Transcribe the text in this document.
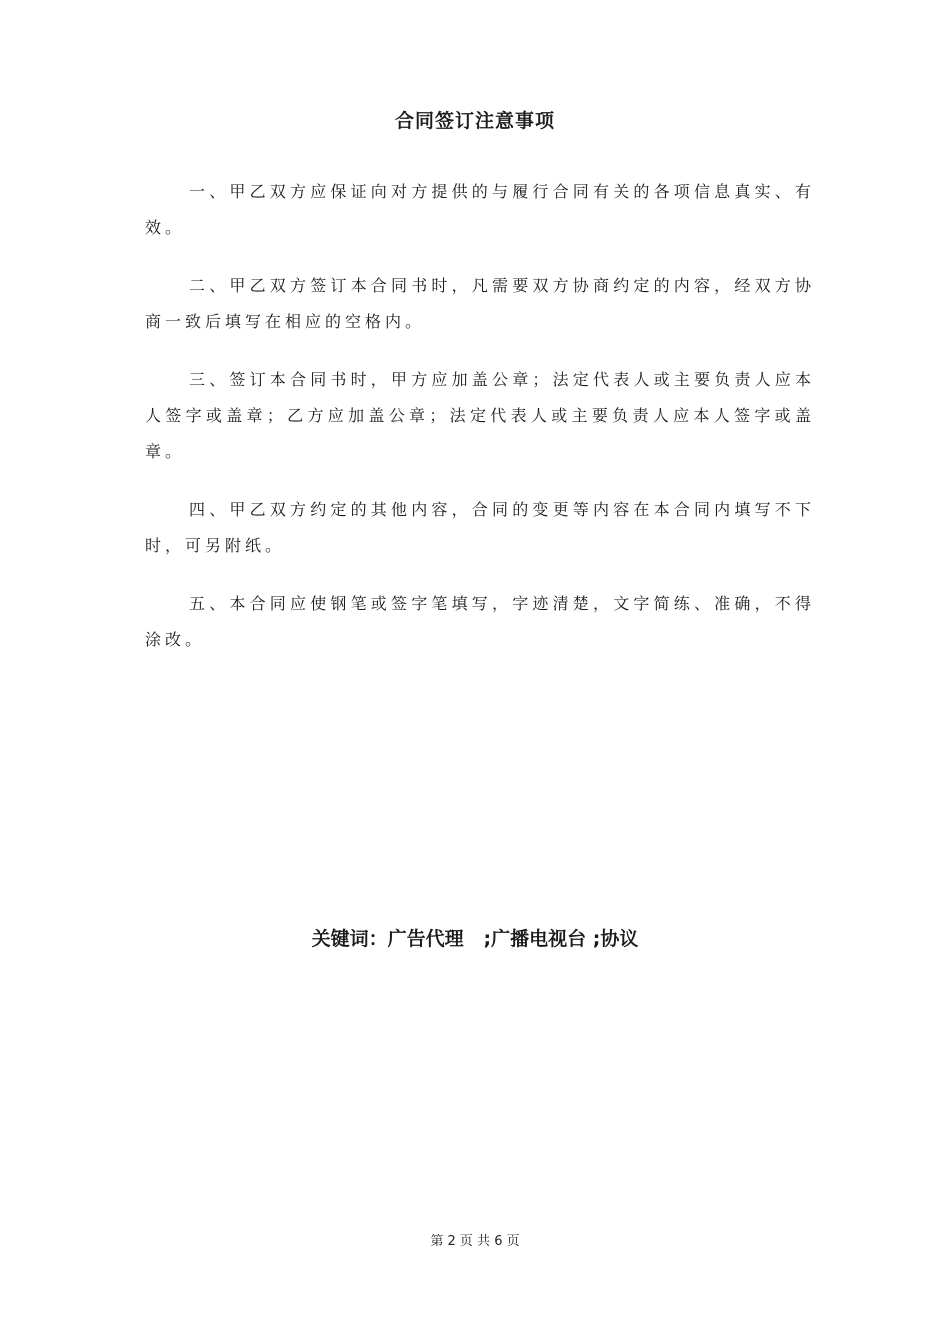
合同签订注意事项

一、甲乙双方应保证向对方提供的与履行合同有关的各项信息真实、有效。

二、甲乙双方签订本合同书时，凡需要双方协商约定的内容，经双方协商一致后填写在相应的空格内。

三、签订本合同书时，甲方应加盖公章；法定代表人或主要负责人应本人签字或盖章；乙方应加盖公章；法定代表人或主要负责人应本人签字或盖章。

四、甲乙双方约定的其他内容，合同的变更等内容在本合同内填写不下时，可另附纸。

五、本合同应使钢笔或签字笔填写，字迹清楚，文字简练、准确，不得涂改。

关键词：广告代理   ;广播电视台 ;协议
第 2 页 共 6 页
